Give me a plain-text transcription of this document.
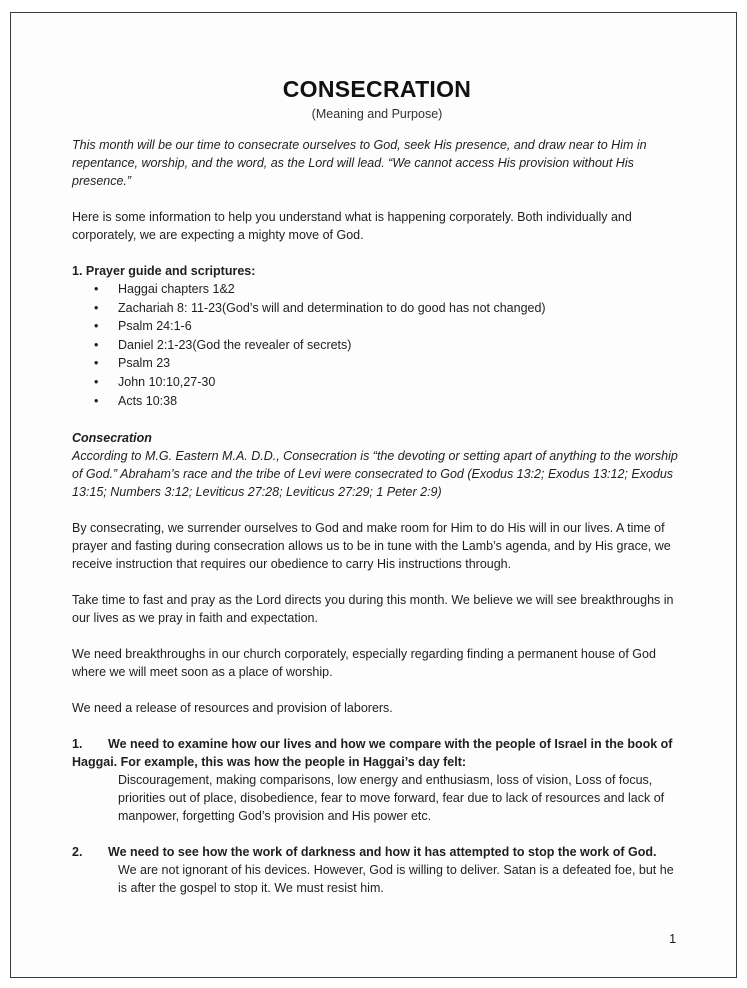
CONSECRATION

(Meaning and Purpose)

This month will be our time to consecrate ourselves to God, seek His presence, and draw near to Him in repentance, worship, and the word, as the Lord will lead. “We cannot access His provision without His presence.”

Here is some information to help you understand what is happening corporately. Both individually and corporately, we are expecting a mighty move of God.

1. Prayer guide and scriptures:
• Haggai chapters 1&2
• Zachariah 8: 11-23(God’s will and determination to do good has not changed)
• Psalm 24:1-6
• Daniel 2:1-23(God the revealer of secrets)
• Psalm 23
• John 10:10,27-30
• Acts 10:38
Consecration

According to M.G. Eastern M.A. D.D., Consecration is “the devoting or setting apart of anything to the worship of God.” Abraham’s race and the tribe of Levi were consecrated to God (Exodus 13:2; Exodus 13:12; Exodus 13:15; Numbers 3:12; Leviticus 27:28; Leviticus 27:29; 1 Peter 2:9)

By consecrating, we surrender ourselves to God and make room for Him to do His will in our lives. A time of prayer and fasting during consecration allows us to be in tune with the Lamb’s agenda, and by His grace, we receive instruction that requires our obedience to carry His instructions through.

Take time to fast and pray as the Lord directs you during this month. We believe we will see breakthroughs in our lives as we pray in faith and expectation.

We need breakthroughs in our church corporately, especially regarding finding a permanent house of God where we will meet soon as a place of worship.

We need a release of resources and provision of laborers.

1. We need to examine how our lives and how we compare with the people of Israel in the book of Haggai. For example, this was how the people in Haggai’s day felt:

Discouragement, making comparisons, low energy and enthusiasm, loss of vision, Loss of focus, priorities out of place, disobedience, fear to move forward, fear due to lack of resources and lack of manpower, forgetting God’s provision and His power etc.

2. We need to see how the work of darkness and how it has attempted to stop the work of God.

We are not ignorant of his devices. However, God is willing to deliver. Satan is a defeated foe, but he is after the gospel to stop it. We must resist him.

1
